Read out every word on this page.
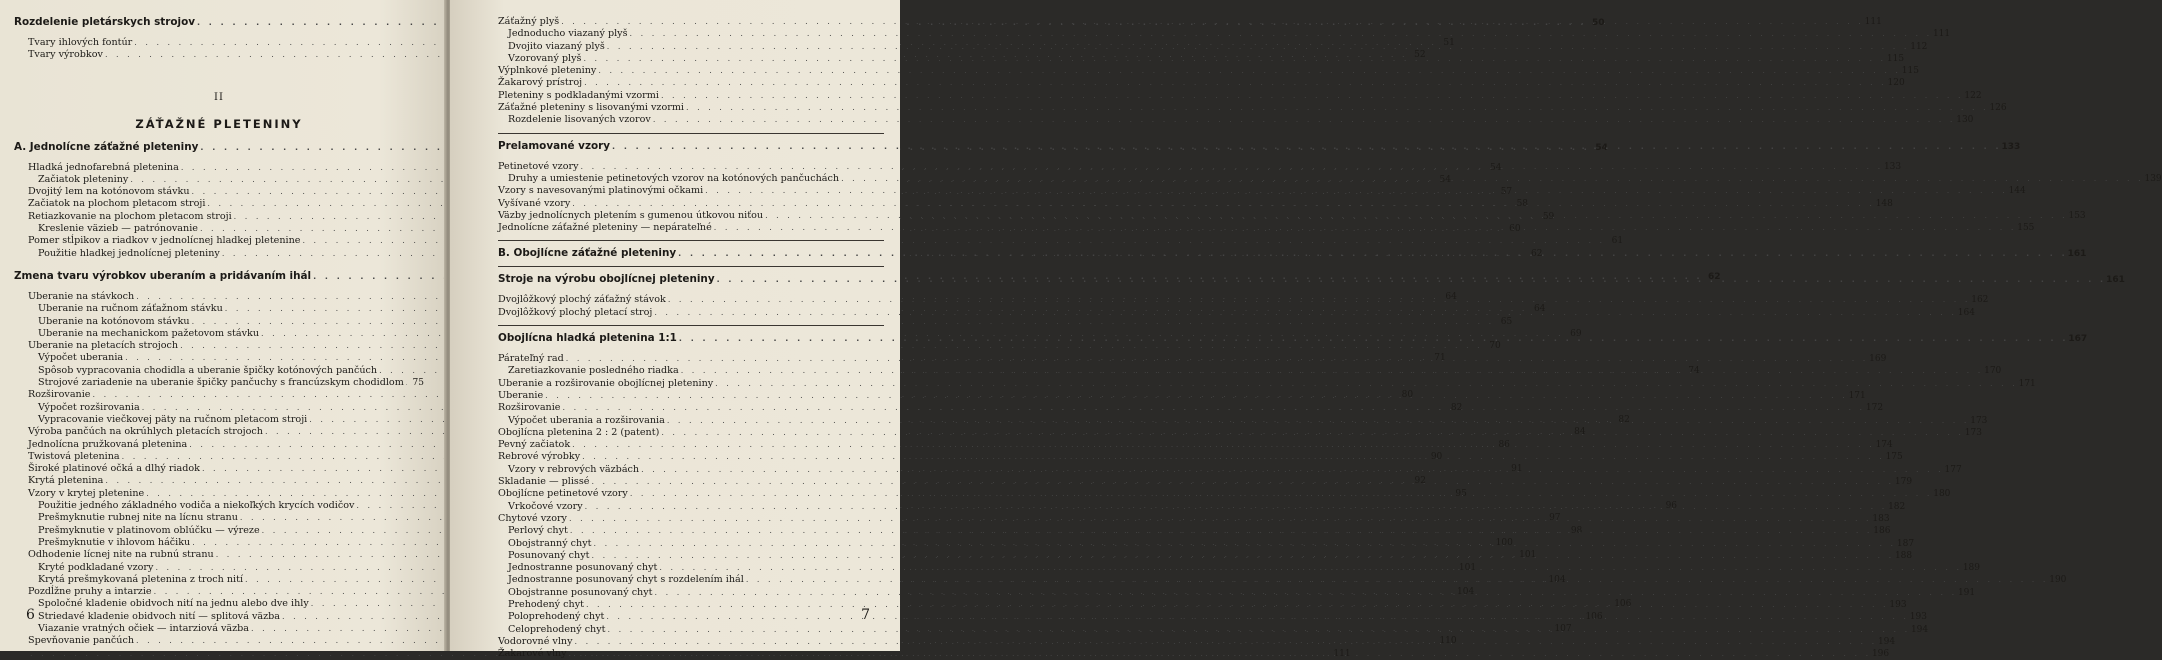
Rozdelenie pletárskych strojov . . .	50
Tvary ihlových fontúr . . .	51
Tvary výrobkov . . .	52
II
ZÁŤAŽNÉ PLETENINY
A. Jednolícne záťažné pleteniny . . .	54
Hladká jednofarebná pletenina . . .	54
Začiatok pleteniny . . .	54
Dvojitý lem na kotónovom stávku . . .	57
Začiatok na plochom pletacom stroji . . .	58
Retiazkovanie na plochom pletacom stroji . . .	59
Kreslenie väzieb — patrónovanie . . .	60
Pomer stĺpikov a riadkov v jednolícnej hladkej pletenine . . .	61
Použitie hladkej jednolícnej pleteniny . . .	62
Zmena tvaru výrobkov uberaním a pridávaním ihál . . .	62
Uberanie na stávkoch . . .	64
Uberanie na ručnom záťažnom stávku . . .	64
Uberanie na kotónovom stávku . . .	65
Uberanie na mechanickom pažetovom stávku . . .	69
Uberanie na pletacích strojoch . . .	70
Výpočet uberania . . .	71
Spôsob vypracovania chodidla a uberanie špičky kotónových pančúch . . .	74
Strojové zariadenie na uberanie špičky pančuchy s francúzskym chodidlom . . . 75
Rozširovanie . . .	80
Výpočet rozširovania . . .	82
Vypracovanie viečkovej päty na ručnom pletacom stroji . . .	82
Výroba pančúch na okrúhlych pletacích strojoch . . .	84
Jednolícna pružkovaná pletenina . . .	86
Twistová pletenina . . .	90
Široké platinové očká a dlhý riadok . . .	91
Krytá pletenina . . .	92
Vzory v krytej pletenine . . .	95
Použitie jedného základného vodiča a niekoľkých krycích vodičov . . .	96
Prešmyknutie rubnej nite na lícnu stranu . . .	97
Prešmyknutie v platinovom oblúčku — výreze . . .	98
Prešmyknutie v ihlovom háčiku . . .	100
Odhodenie lícnej nite na rubnú stranu . . .	101
Kryté podkladané vzory . . .	101
Krytá prešmykovaná pletenina z troch nití . . .	104
Pozdĺžne pruhy a intarzie . . .	104
Spoločné kladenie obidvoch nití na jednu alebo dve ihly . . .	106
Striedavé kladenie obidvoch nití — splitová väzba . . .	106
Viazanie vratných očiek — intarziová väzba . . .	107
Spevňovanie pančúch . . .	110
. . .
111
6
Záťažný plyš . . .	111
Jednoducho viazaný plyš . . .	111
Dvojito viazaný plyš . . .	112
Vzorovaný plyš . . .	115
Výplnkové pleteniny . . .	115
Žakarový prístroj . . .	120
Pleteniny s podkladanými vzormi . . .	122
Záťažné pleteniny s lisovanými vzormi . . .	126
Rozdelenie lisovaných vzorov . . .	130
Prelamované vzory . . .	133
Petinetové vzory . . .	133
Druhy a umiestenie petinetových vzorov na kotónových pančuchách . . .	139
Vzory s navesovanými platinovými očkami . . .	144
Vyšívané vzory . . .	148
Väzby jednolícnych pletením s gumenou útkovou niťou . . .	153
Jednolícne záťažné pleteniny — nepárateľné . . .	155
B. Obojlícne záťažné pleteniny . . .	161
Stroje na výrobu obojlícnej pleteniny . . .	161
Dvojlôžkový plochý záťažný stávok . . .	162
Dvojlôžkový plochý pletací stroj . . .	164
Obojlícna hladká pletenina 1:1 . . .	167
Párateľný rad . . .	169
Zaretiazkovanie posledného riadka . . .	170
Uberanie a rozširovanie obojlícnej pleteniny . . .	171
Uberanie . . .	171
Rozširovanie . . .	172
Výpočet uberania a rozširovania . . .	173
Obojlícna pletenina 2 : 2 (patent) . . .	173
Pevný začiatok . . .	174
Rebrové výrobky . . .	175
Vzory v rebrových väzbách . . .	177
Skladanie — plissé . . .	179
Obojlícne petinetové vzory . . .	180
Vrkočové vzory . . .	182
Chytové vzory . . .	183
Perlový chyt . . .	186
Obojstranný chyt . . .	187
Posunovaný chyt . . .	188
Jednostranne posunovaný chyt . . .	189
Jednostranne posunovaný chyt s rozdelením ihál . . .	190
Obojstranne posunovaný chyt . . .	191
Prehodený chyt . . .	193
Poloprehodený chyt . . .	193
Celoprehodený chyt . . .	194
Vodorovné vlny . . .	194
Žakarové vlny . . .	196
7
